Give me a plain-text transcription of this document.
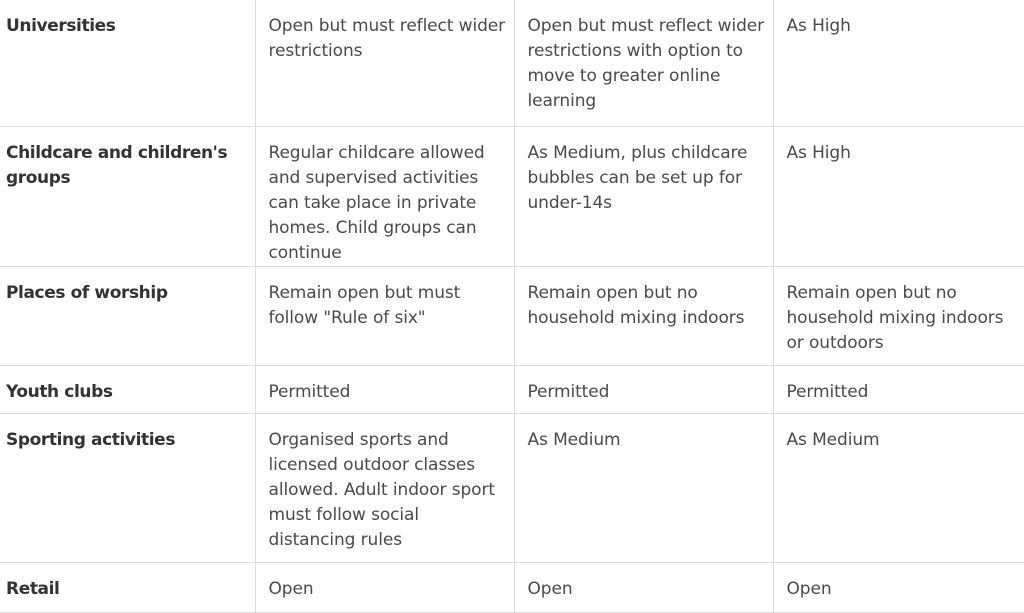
Universities	Open but must reflect wider restrictions	Open but must reflect wider restrictions with option to move to greater online learning	As High
Childcare and children's groups	Regular childcare allowed and supervised activities can take place in private homes. Child groups can continue	As Medium, plus childcare bubbles can be set up for under-14s	As High
Places of worship	Remain open but must follow "Rule of six"	Remain open but no household mixing indoors	Remain open but no household mixing indoors or outdoors
Youth clubs	Permitted	Permitted	Permitted
Sporting activities	Organised sports and licensed outdoor classes allowed. Adult indoor sport must follow social distancing rules	As Medium	As Medium
Retail	Open	Open	Open
